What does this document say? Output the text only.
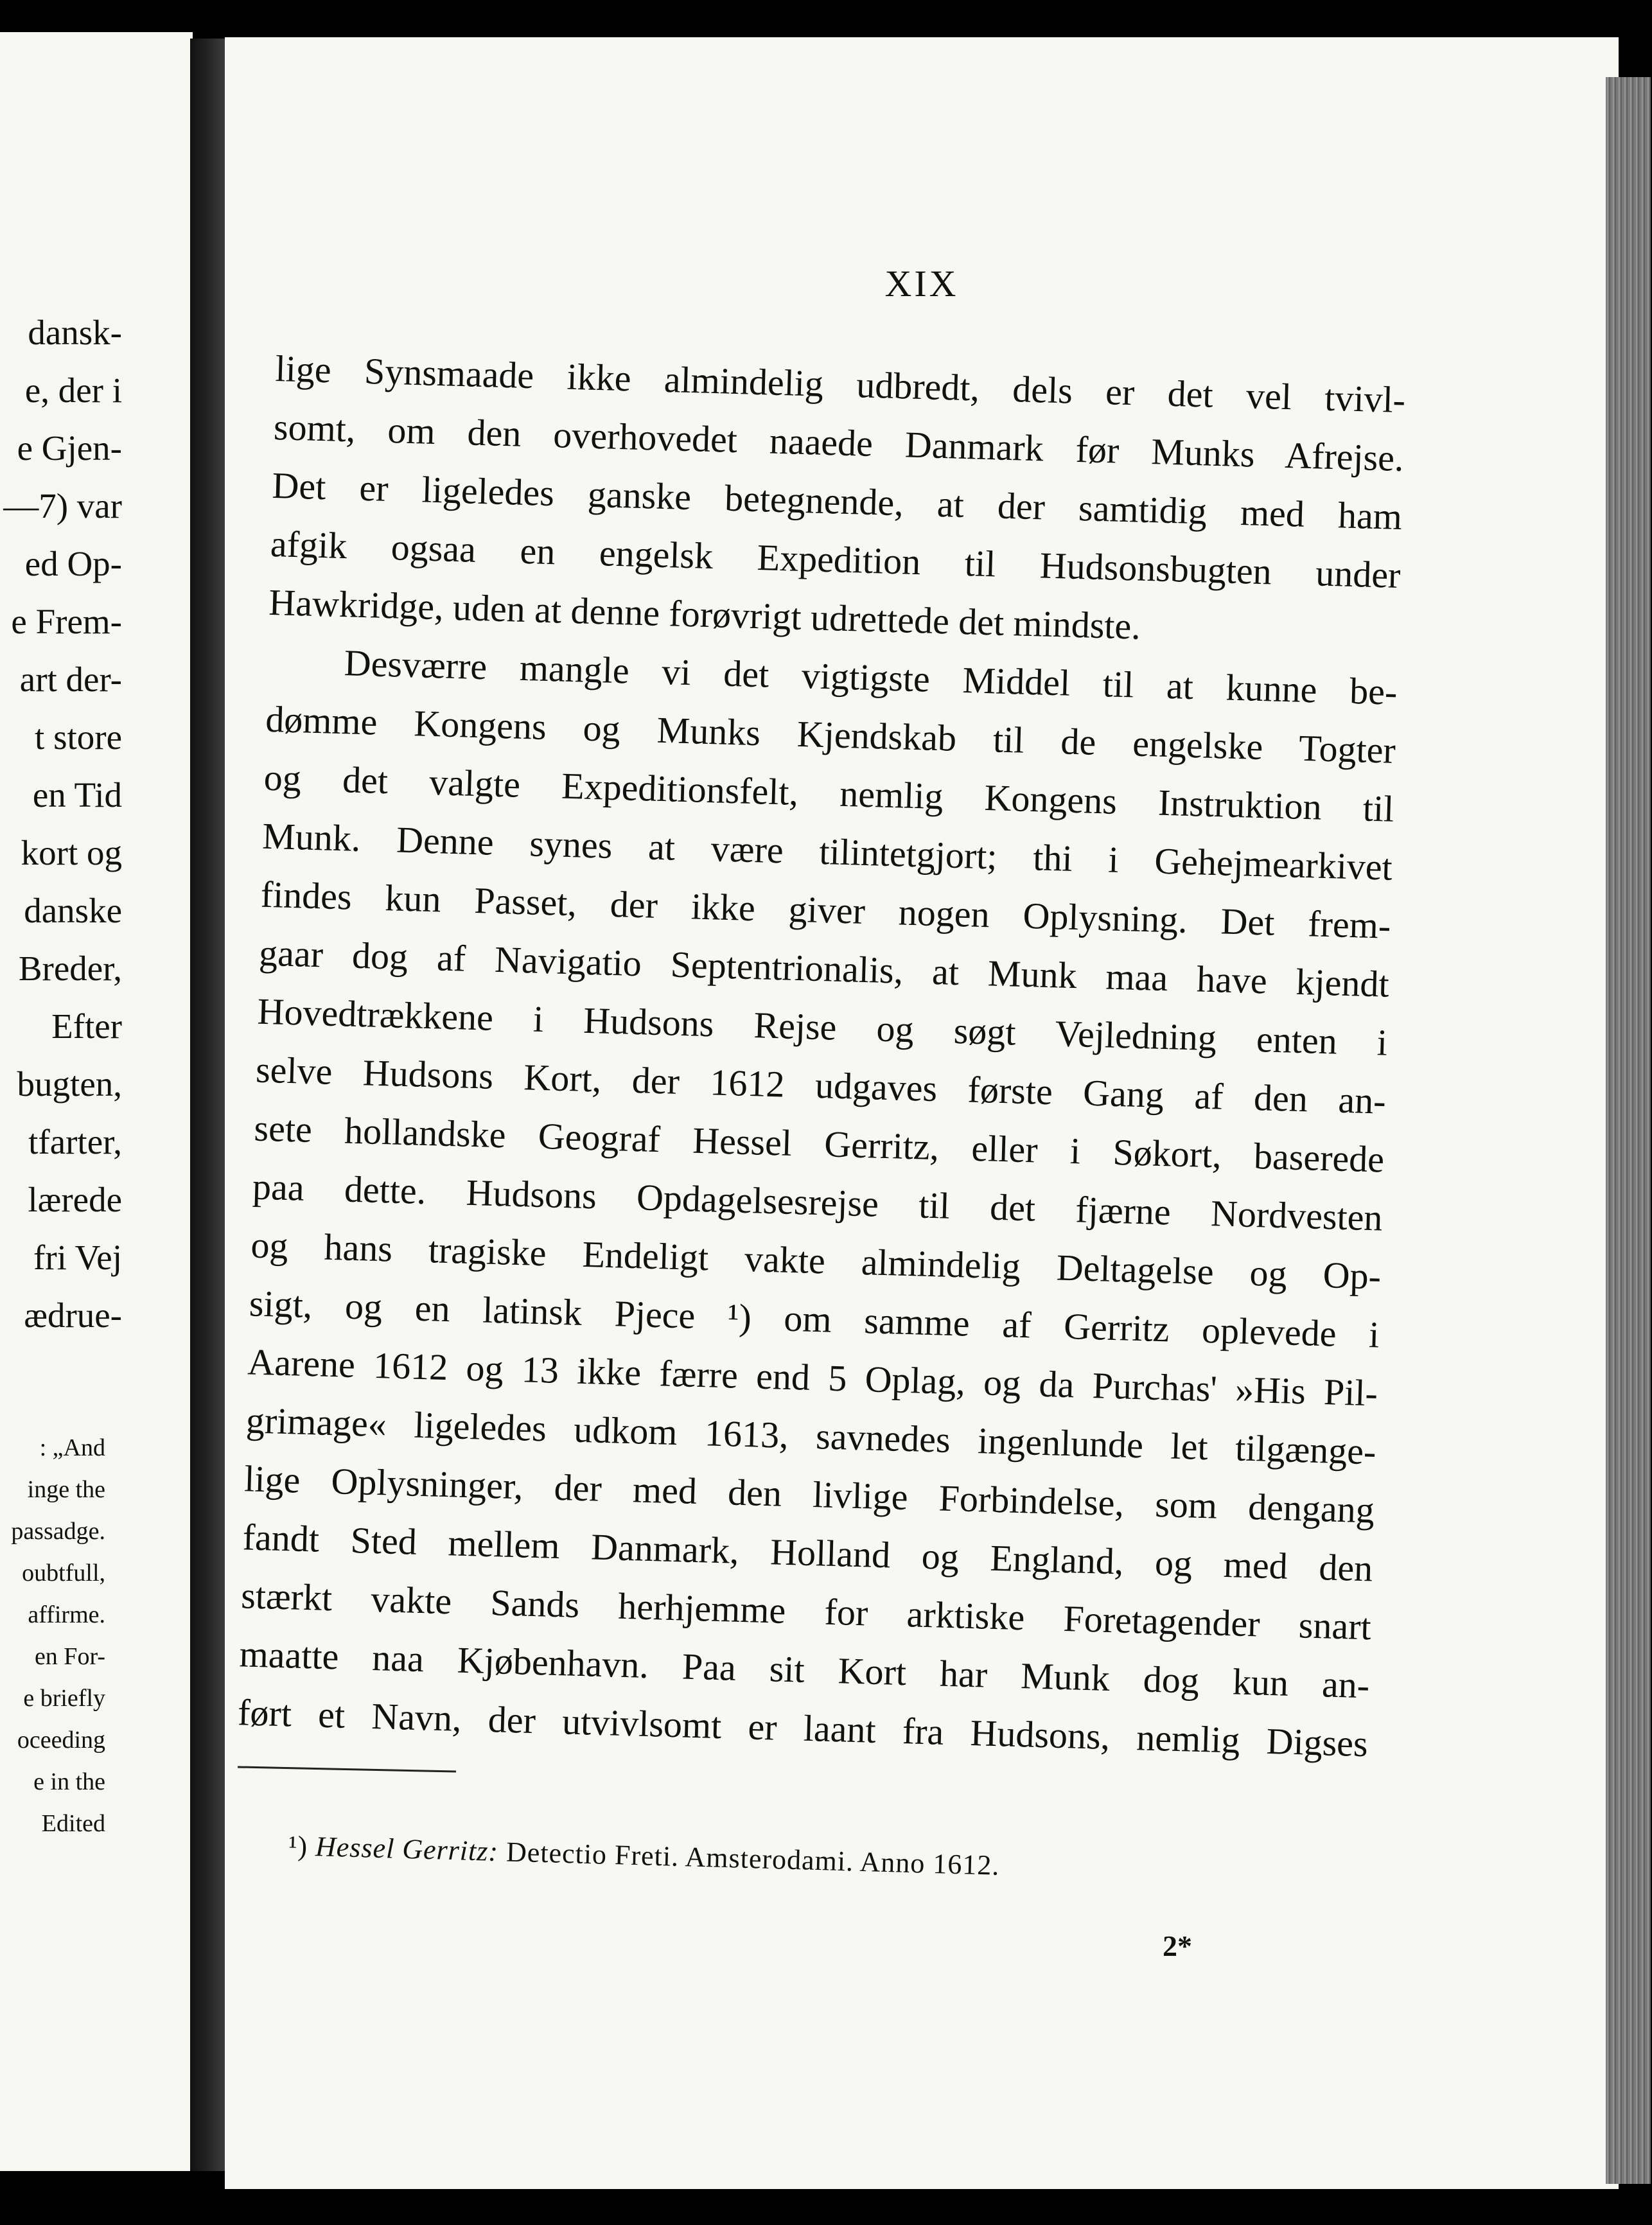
dansk-
e, der i
e Gjen-
—7) var
ed Op-
e Frem-
art der-
t store
en Tid
kort og
danske
Breder,
Efter
bugten,
tfarter,
lærede
fri Vej
ædrue-
: „And
inge the
passadge.
oubtfull,
affirme.
en For-
e briefly
oceeding
e in the
Edited
XIX
lige Synsmaade ikke almindelig udbredt, dels er det vel tvivl-
somt, om den overhovedet naaede Danmark før Munks Afrejse.
Det er ligeledes ganske betegnende, at der samtidig med ham
afgik ogsaa en engelsk Expedition til Hudsonsbugten under
Hawkridge, uden at denne forøvrigt udrettede det mindste.
Desværre mangle vi det vigtigste Middel til at kunne be-
dømme Kongens og Munks Kjendskab til de engelske Togter
og det valgte Expeditionsfelt, nemlig Kongens Instruktion til
Munk. Denne synes at være tilintetgjort; thi i Gehejmearkivet
findes kun Passet, der ikke giver nogen Oplysning. Det frem-
gaar dog af Navigatio Septentrionalis, at Munk maa have kjendt
Hovedtrækkene i Hudsons Rejse og søgt Vejledning enten i
selve Hudsons Kort, der 1612 udgaves første Gang af den an-
sete hollandske Geograf Hessel Gerritz, eller i Søkort, baserede
paa dette. Hudsons Opdagelsesrejse til det fjærne Nordvesten
og hans tragiske Endeligt vakte almindelig Deltagelse og Op-
sigt, og en latinsk Pjece ¹) om samme af Gerritz oplevede i
Aarene 1612 og 13 ikke færre end 5 Oplag, og da Purchas' »His Pil-
grimage« ligeledes udkom 1613, savnedes ingenlunde let tilgænge-
lige Oplysninger, der med den livlige Forbindelse, som dengang
fandt Sted mellem Danmark, Holland og England, og med den
stærkt vakte Sands herhjemme for arktiske Foretagender snart
maatte naa Kjøbenhavn. Paa sit Kort har Munk dog kun an-
ført et Navn, der utvivlsomt er laant fra Hudsons, nemlig Digses
¹) Hessel Gerritz: Detectio Freti. Amsterodami. Anno 1612.
2*
